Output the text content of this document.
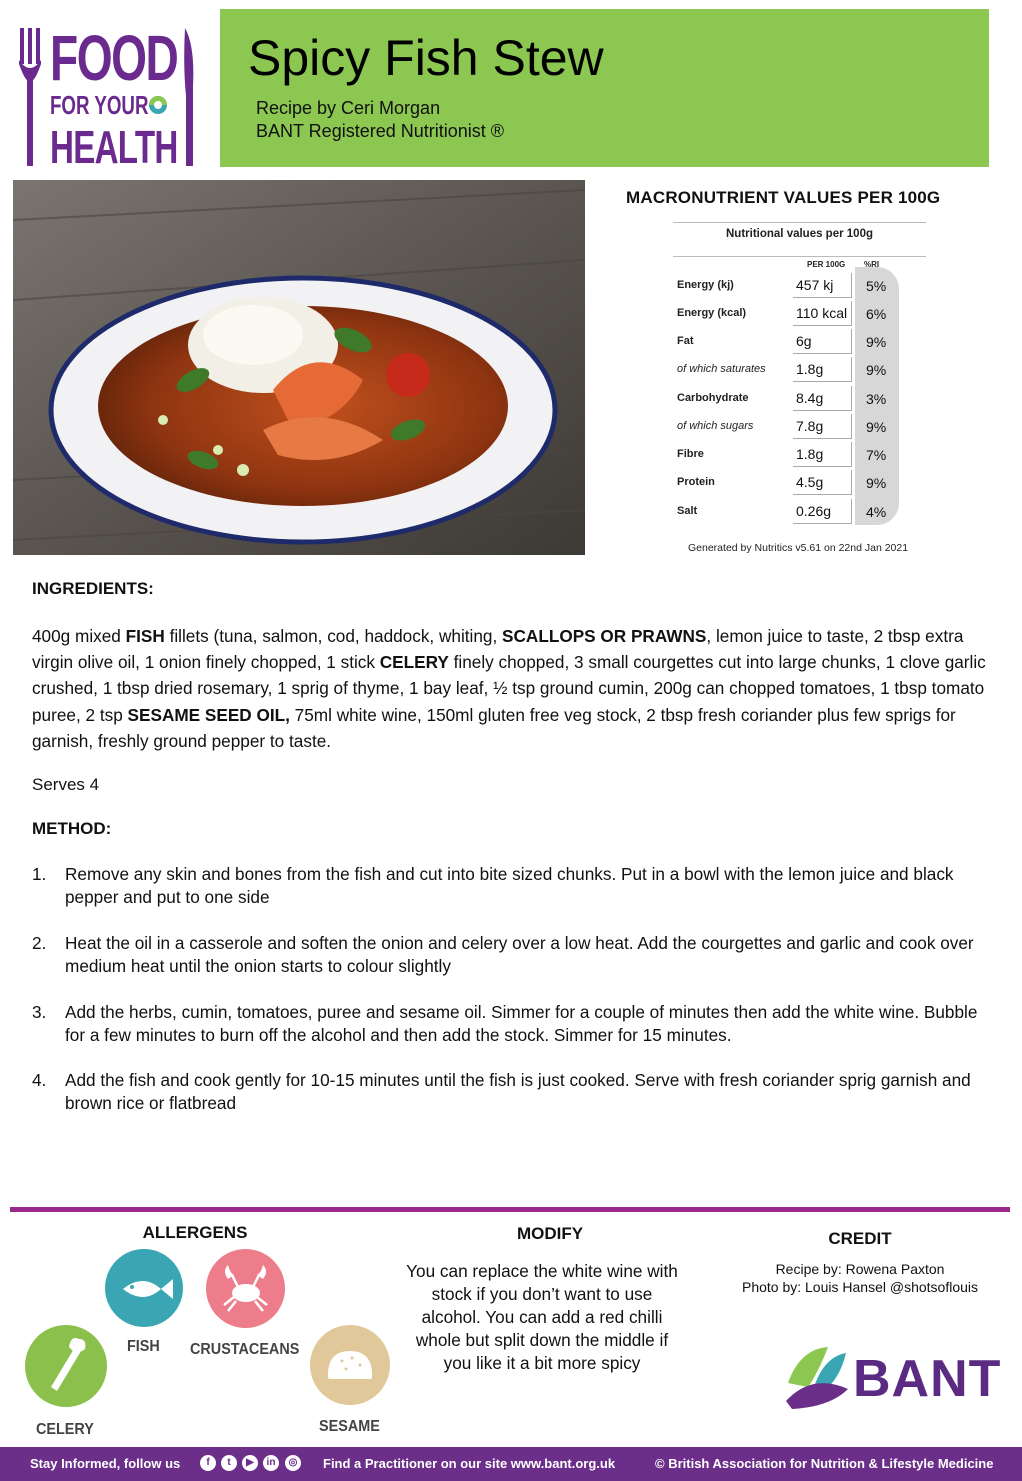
FOOD
FOR YOUR
HEALTH
Spicy Fish Stew
Recipe by Ceri Morgan
BANT Registered Nutritionist ®
MACRONUTRIENT VALUES PER 100G
Nutritional values per 100g
PER 100G %RI
Energy (kj)	457 kj 5%
Energy (kcal)	110 kcal 6%
Fat	6g	9%
of which saturates 1.8g	9%
Carbohydrate	8.4g	3%
of which sugars	7.8g	9%
Fibre	1.8g	7%
Protein	4.5g	9%
Salt	0.26g 4%
Generated by Nutritics v5.61 on 22nd Jan 2021
INGREDIENTS:
400g mixed FISH fillets (tuna, salmon, cod, haddock, whiting, SCALLOPS OR PRAWNS, lemon juice to taste, 2 tbsp extra virgin olive oil, 1 onion finely chopped, 1 stick CELERY finely chopped, 3 small courgettes cut into large chunks, 1 clove garlic crushed, 1 tbsp dried rosemary, 1 sprig of thyme, 1 bay leaf, ½ tsp ground cumin, 200g can chopped tomatoes, 1 tbsp tomato puree, 2 tsp SESAME SEED OIL, 75ml white wine, 150ml gluten free veg stock, 2 tbsp fresh coriander plus few sprigs for garnish, freshly ground pepper to taste.
Serves 4
METHOD:
1. Remove any skin and bones from the fish and cut into bite sized chunks. Put in a bowl with the lemon juice and black pepper and put to one side
2. Heat the oil in a casserole and soften the onion and celery over a low heat. Add the courgettes and garlic and cook over medium heat until the onion starts to colour slightly
3. Add the herbs, cumin, tomatoes, puree and sesame oil. Simmer for a couple of minutes then add the white wine. Bubble for a few minutes to burn off the alcohol and then add the stock. Simmer for 15 minutes.
4. Add the fish and cook gently for 10-15 minutes until the fish is just cooked. Serve with fresh coriander sprig garnish and brown rice or flatbread
ALLERGENS	MODIFY	CREDIT
FISH CRUSTACEANS
CELERY	SESAME
You can replace the white wine with stock if you don’t want to use alcohol. You can add a red chilli whole but split down the middle if you like it a bit more spicy
Recipe by: Rowena Paxton
Photo by: Louis Hansel @shotsoflouis
BANT
Stay Informed, follow us	f	t	▶	in	◎ Find a Practitioner on our site www.bant.org.uk	© British Association for Nutrition & Lifestyle Medicine
